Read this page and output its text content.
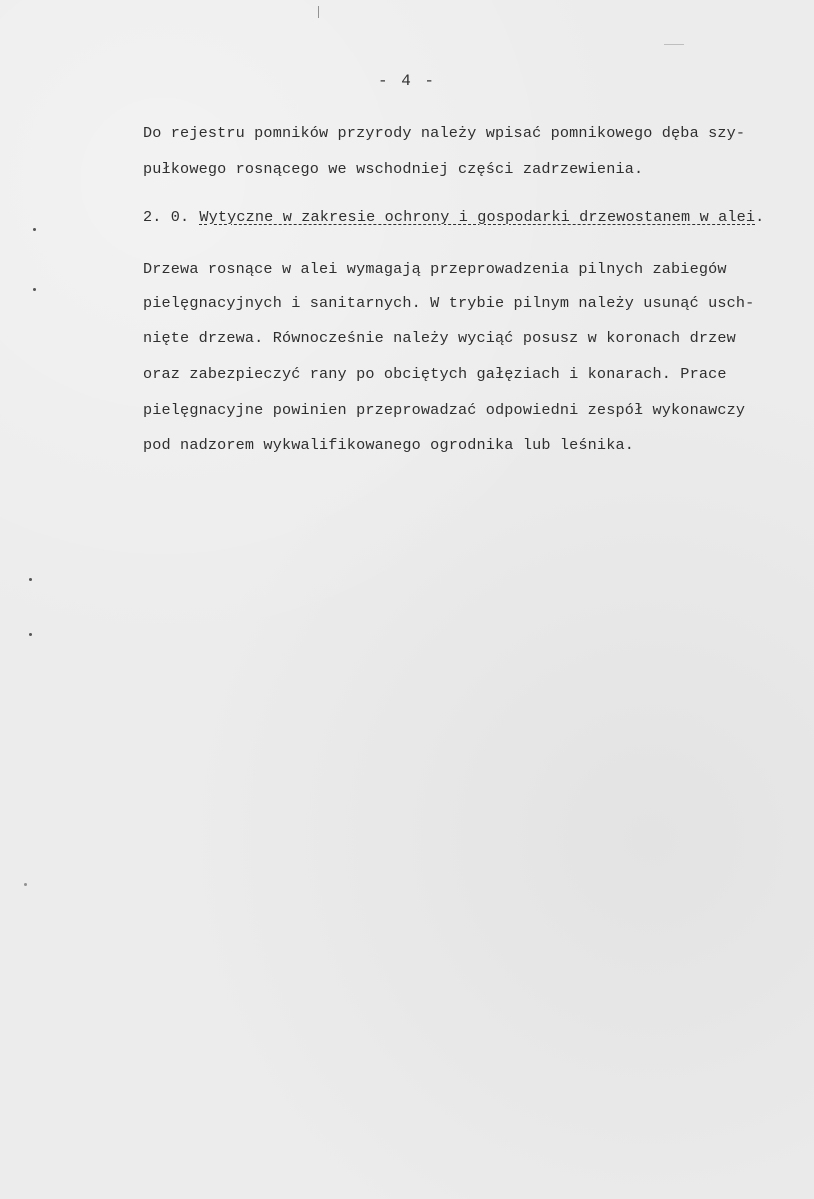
- 4 -
Do rejestru pomników przyrody należy wpisać pomnikowego dęba szy-
pułkowego rosnącego we wschodniej części zadrzewienia.
2. 0. Wytyczne w zakresie ochrony i gospodarki drzewostanem w alei.
Drzewa rosnące w alei wymagają przeprowadzenia pilnych zabiegów
pielęgnacyjnych i sanitarnych. W trybie pilnym należy usunąć usch-
nięte drzewa. Równocześnie należy wyciąć posusz w koronach drzew
oraz zabezpieczyć rany po obciętych gałęziach i konarach. Prace
pielęgnacyjne powinien przeprowadzać odpowiedni zespół wykonawczy
pod nadzorem wykwalifikowanego ogrodnika lub leśnika.
